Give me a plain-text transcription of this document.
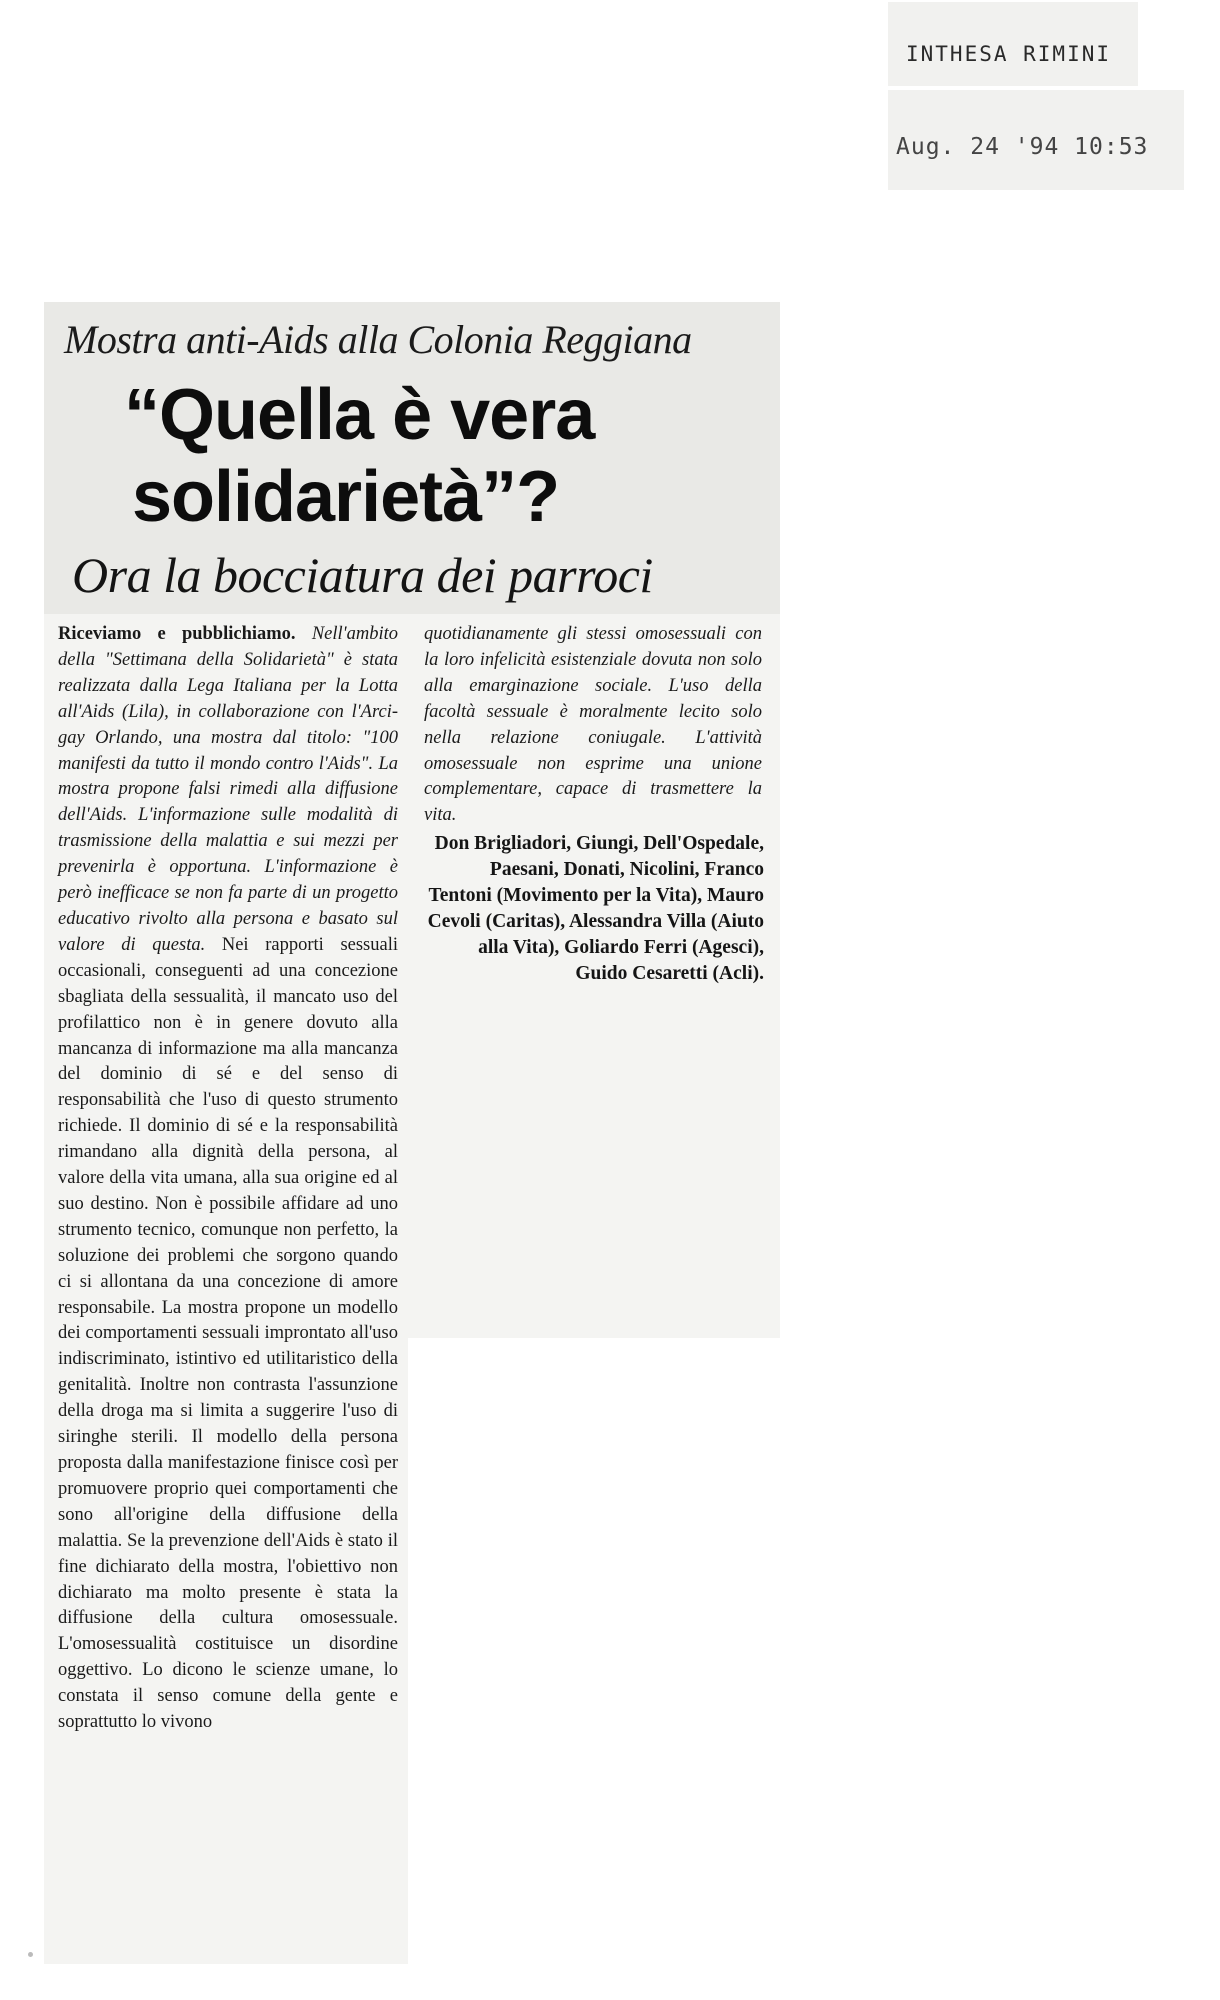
INTHESA RIMINI
Aug. 24 '94 10:53
Mostra anti-Aids alla Colonia Reggiana
“Quella è vera
solidarietà”?
Ora la bocciatura dei parroci
Riceviamo e pubblichiamo. Nell'ambito della "Settimana della Solidarietà" è stata realizzata dalla Lega Italiana per la Lotta all'Aids (Lila), in collaborazione con l'Arci-gay Orlando, una mostra dal titolo: "100 manifesti da tutto il mondo contro l'Aids". La mostra propone falsi rimedi alla diffusione dell'Aids. L'informazione sulle modalità di trasmissione della malattia e sui mezzi per prevenirla è opportuna. L'informazione è però inefficace se non fa parte di un progetto educativo rivolto alla persona e basato sul valore di questa. Nei rapporti sessuali occasionali, conseguenti ad una concezione sbagliata della sessualità, il mancato uso del profilattico non è in genere dovuto alla mancanza di informazione ma alla mancanza del dominio di sé e del senso di responsabilità che l'uso di questo strumento richiede. Il dominio di sé e la responsabilità rimandano alla dignità della persona, al valore della vita umana, alla sua origine ed al suo destino. Non è possibile affidare ad uno strumento tecnico, comunque non perfetto, la soluzione dei problemi che sorgono quando ci si allontana da una concezione di amore responsabile. La mostra propone un modello dei comportamenti sessuali improntato all'uso indiscriminato, istintivo ed utilitaristico della genitalità. Inoltre non contrasta l'assunzione della droga ma si limita a suggerire l'uso di siringhe sterili. Il modello della persona proposta dalla manifestazione finisce così per promuovere proprio quei comportamenti che sono all'origine della diffusione della malattia. Se la prevenzione dell'Aids è stato il fine dichiarato della mostra, l'obiettivo non dichiarato ma molto presente è stata la diffusione della cultura omosessuale. L'omosessualità costituisce un disordine oggettivo. Lo dicono le scienze umane, lo constata il senso comune della gente e soprattutto lo vivono
quotidianamente gli stessi omosessuali con la loro infelicità esistenziale dovuta non solo alla emarginazione sociale. L'uso della facoltà sessuale è moralmente lecito solo nella relazione coniugale. L'attività omosessuale non esprime una unione complementare, capace di trasmettere la vita.
Don Brigliadori, Giungi, Dell'Ospedale, Paesani, Donati, Nicolini, Franco Tentoni (Movimento per la Vita), Mauro Cevoli (Caritas), Alessandra Villa (Aiuto alla Vita), Goliardo Ferri (Agesci), Guido Cesaretti (Acli).
